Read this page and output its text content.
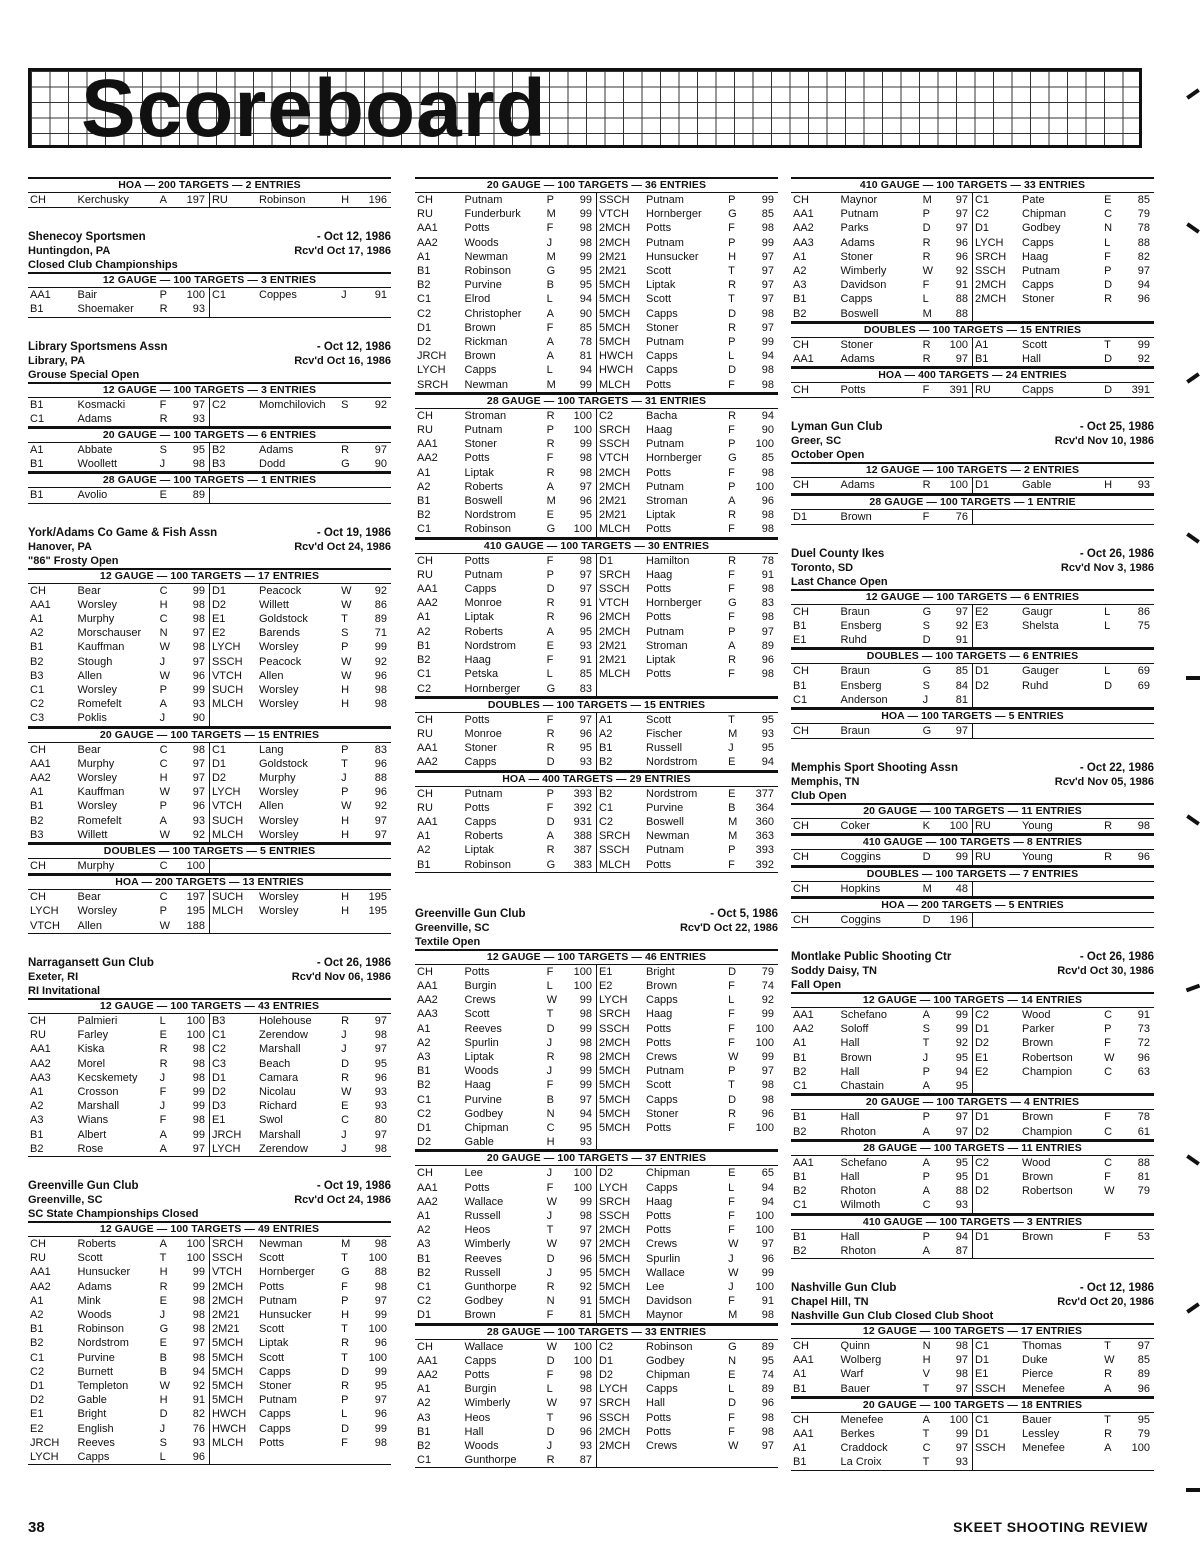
Scoreboard
HOA — 200 TARGETS — 2 ENTRIES
CH	Kerchusky	A	197	RU	Robinson	H	196
Shenecoy Sportsmen	- Oct 12, 1986
Huntingdon, PA	Rcv'd Oct 17, 1986
Closed Club Championships
12 GAUGE — 100 TARGETS — 3 ENTRIES
AA1	Bair	P	100	C1	Coppes	J	91
B1	Shoemaker	R	93				
Library Sportsmens Assn	- Oct 12, 1986
Library, PA	Rcv'd Oct 16, 1986
Grouse Special Open
12 GAUGE — 100 TARGETS — 3 ENTRIES
B1	Kosmacki	F	97	C2	Momchilovich	S	92
C1	Adams	R	93				
20 GAUGE — 100 TARGETS — 6 ENTRIES
A1	Abbate	S	95	B2	Adams	R	97
B1	Woollett	J	98	B3	Dodd	G	90
28 GAUGE — 100 TARGETS — 1 ENTRIES
B1	Avolio	E	89				
York/Adams Co Game & Fish Assn	- Oct 19, 1986
Hanover, PA	Rcv'd Oct 24, 1986
"86" Frosty Open
12 GAUGE — 100 TARGETS — 17 ENTRIES
CH	Bear	C	99	D1	Peacock	W	92
AA1	Worsley	H	98	D2	Willett	W	86
A1	Murphy	C	98	E1	Goldstock	T	89
A2	Morschauser	N	97	E2	Barends	S	71
B1	Kauffman	W	98	LYCH	Worsley	P	99
B2	Stough	J	97	SSCH	Peacock	W	92
B3	Allen	W	96	VTCH	Allen	W	96
C1	Worsley	P	99	SUCH	Worsley	H	98
C2	Romefelt	A	93	MLCH	Worsley	H	98
C3	Poklis	J	90				
20 GAUGE — 100 TARGETS — 15 ENTRIES
CH	Bear	C	98	C1	Lang	P	83
AA1	Murphy	C	97	D1	Goldstock	T	96
AA2	Worsley	H	97	D2	Murphy	J	88
A1	Kauffman	W	97	LYCH	Worsley	P	96
B1	Worsley	P	96	VTCH	Allen	W	92
B2	Romefelt	A	93	SUCH	Worsley	H	97
B3	Willett	W	92	MLCH	Worsley	H	97
DOUBLES — 100 TARGETS — 5 ENTRIES
CH	Murphy	C	100				
HOA — 200 TARGETS — 13 ENTRIES
CH	Bear	C	197	SUCH	Worsley	H	195
LYCH	Worsley	P	195	MLCH	Worsley	H	195
VTCH	Allen	W	188				
Narragansett Gun Club	- Oct 26, 1986
Exeter, RI	Rcv'd Nov 06, 1986
RI Invitational
12 GAUGE — 100 TARGETS — 43 ENTRIES
CH	Palmieri	L	100	B3	Holehouse	R	97
RU	Farley	E	100	C1	Zerendow	J	98
AA1	Kiska	R	98	C2	Marshall	J	97
AA2	Morel	R	98	C3	Beach	D	95
AA3	Kecskemety	J	98	D1	Camara	R	96
A1	Crosson	F	99	D2	Nicolau	W	93
A2	Marshall	J	99	D3	Richard	E	93
A3	Wians	F	98	E1	Swol	C	80
B1	Albert	A	99	JRCH	Marshall	J	97
B2	Rose	A	97	LYCH	Zerendow	J	98
Greenville Gun Club	- Oct 19, 1986
Greenville, SC	Rcv'd Oct 24, 1986
SC State Championships Closed
12 GAUGE — 100 TARGETS — 49 ENTRIES
CH	Roberts	A	100	SRCH	Newman	M	98
RU	Scott	T	100	SSCH	Scott	T	100
AA1	Hunsucker	H	99	VTCH	Hornberger	G	88
AA2	Adams	R	99	2MCH	Potts	F	98
A1	Mink	E	98	2MCH	Putnam	P	97
A2	Woods	J	98	2M21	Hunsucker	H	99
B1	Robinson	G	98	2M21	Scott	T	100
B2	Nordstrom	E	97	5MCH	Liptak	R	96
C1	Purvine	B	98	5MCH	Scott	T	100
C2	Burnett	B	94	5MCH	Capps	D	99
D1	Templeton	W	92	5MCH	Stoner	R	95
D2	Gable	H	91	5MCH	Putnam	P	97
E1	Bright	D	82	HWCH	Capps	L	96
E2	English	J	76	HWCH	Capps	D	99
JRCH	Reeves	S	93	MLCH	Potts	F	98
LYCH	Capps	L	96				
20 GAUGE — 100 TARGETS — 36 ENTRIES
CH	Putnam	P	99	SSCH	Putnam	P	99
RU	Funderburk	M	99	VTCH	Hornberger	G	85
AA1	Potts	F	98	2MCH	Potts	F	98
AA2	Woods	J	98	2MCH	Putnam	P	99
A1	Newman	M	99	2M21	Hunsucker	H	97
B1	Robinson	G	95	2M21	Scott	T	97
B2	Purvine	B	95	5MCH	Liptak	R	97
C1	Elrod	L	94	5MCH	Scott	T	97
C2	Christopher	A	90	5MCH	Capps	D	98
D1	Brown	F	85	5MCH	Stoner	R	97
D2	Rickman	A	78	5MCH	Putnam	P	99
JRCH	Brown	A	81	HWCH	Capps	L	94
LYCH	Capps	L	94	HWCH	Capps	D	98
SRCH	Newman	M	99	MLCH	Potts	F	98
28 GAUGE — 100 TARGETS — 31 ENTRIES
CH	Stroman	R	100	C2	Bacha	R	94
RU	Putnam	P	100	SRCH	Haag	F	90
AA1	Stoner	R	99	SSCH	Putnam	P	100
AA2	Potts	F	98	VTCH	Hornberger	G	85
A1	Liptak	R	98	2MCH	Potts	F	98
A2	Roberts	A	97	2MCH	Putnam	P	100
B1	Boswell	M	96	2M21	Stroman	A	96
B2	Nordstrom	E	95	2M21	Liptak	R	98
C1	Robinson	G	100	MLCH	Potts	F	98
410 GAUGE — 100 TARGETS — 30 ENTRIES
CH	Potts	F	98	D1	Hamilton	R	78
RU	Putnam	P	97	SRCH	Haag	F	91
AA1	Capps	D	97	SSCH	Potts	F	98
AA2	Monroe	R	91	VTCH	Hornberger	G	83
A1	Liptak	R	96	2MCH	Potts	F	98
A2	Roberts	A	95	2MCH	Putnam	P	97
B1	Nordstrom	E	93	2M21	Stroman	A	89
B2	Haag	F	91	2M21	Liptak	R	96
C1	Petska	L	85	MLCH	Potts	F	98
C2	Hornberger	G	83				
DOUBLES — 100 TARGETS — 15 ENTRIES
CH	Potts	F	97	A1	Scott	T	95
RU	Monroe	R	96	A2	Fischer	M	93
AA1	Stoner	R	95	B1	Russell	J	95
AA2	Capps	D	93	B2	Nordstrom	E	94
HOA — 400 TARGETS — 29 ENTRIES
CH	Putnam	P	393	B2	Nordstrom	E	377
RU	Potts	F	392	C1	Purvine	B	364
AA1	Capps	D	931	C2	Boswell	M	360
A1	Roberts	A	388	SRCH	Newman	M	363
A2	Liptak	R	387	SSCH	Putnam	P	393
B1	Robinson	G	383	MLCH	Potts	F	392
Greenville Gun Club	- Oct 5, 1986
Greenville, SC	Rcv'D Oct 22, 1986
Textile Open
12 GAUGE — 100 TARGETS — 46 ENTRIES
CH	Potts	F	100	E1	Bright	D	79
AA1	Burgin	L	100	E2	Brown	F	74
AA2	Crews	W	99	LYCH	Capps	L	92
AA3	Scott	T	98	SRCH	Haag	F	99
A1	Reeves	D	99	SSCH	Potts	F	100
A2	Spurlin	J	98	2MCH	Potts	F	100
A3	Liptak	R	98	2MCH	Crews	W	99
B1	Woods	J	99	5MCH	Putnam	P	97
B2	Haag	F	99	5MCH	Scott	T	98
C1	Purvine	B	97	5MCH	Capps	D	98
C2	Godbey	N	94	5MCH	Stoner	R	96
D1	Chipman	C	95	5MCH	Potts	F	100
D2	Gable	H	93				
20 GAUGE — 100 TARGETS — 37 ENTRIES
CH	Lee	J	100	D2	Chipman	E	65
AA1	Potts	F	100	LYCH	Capps	L	94
AA2	Wallace	W	99	SRCH	Haag	F	94
A1	Russell	J	98	SSCH	Potts	F	100
A2	Heos	T	97	2MCH	Potts	F	100
A3	Wimberly	W	97	2MCH	Crews	W	97
B1	Reeves	D	96	5MCH	Spurlin	J	96
B2	Russell	J	95	5MCH	Wallace	W	99
C1	Gunthorpe	R	92	5MCH	Lee	J	100
C2	Godbey	N	91	5MCH	Davidson	F	91
D1	Brown	F	81	5MCH	Maynor	M	98
28 GAUGE — 100 TARGETS — 33 ENTRIES
CH	Wallace	W	100	C2	Robinson	G	89
AA1	Capps	D	100	D1	Godbey	N	95
AA2	Potts	F	98	D2	Chipman	E	74
A1	Burgin	L	98	LYCH	Capps	L	89
A2	Wimberly	W	97	SRCH	Hall	D	96
A3	Heos	T	96	SSCH	Potts	F	98
B1	Hall	D	96	2MCH	Potts	F	98
B2	Woods	J	93	2MCH	Crews	W	97
C1	Gunthorpe	R	87				
410 GAUGE — 100 TARGETS — 33 ENTRIES
CH	Maynor	M	97	C1	Pate	E	85
AA1	Putnam	P	97	C2	Chipman	C	79
AA2	Parks	D	97	D1	Godbey	N	78
AA3	Adams	R	96	LYCH	Capps	L	88
A1	Stoner	R	96	SRCH	Haag	F	82
A2	Wimberly	W	92	SSCH	Putnam	P	97
A3	Davidson	F	91	2MCH	Capps	D	94
B1	Capps	L	88	2MCH	Stoner	R	96
B2	Boswell	M	88				
DOUBLES — 100 TARGETS — 15 ENTRIES
CH	Stoner	R	100	A1	Scott	T	99
AA1	Adams	R	97	B1	Hall	D	92
HOA — 400 TARGETS — 24 ENTRIES
CH	Potts	F	391	RU	Capps	D	391
Lyman Gun Club	- Oct 25, 1986
Greer, SC	Rcv'd Nov 10, 1986
October Open
12 GAUGE — 100 TARGETS — 2 ENTRIES
CH	Adams	R	100	D1	Gable	H	93
28 GAUGE — 100 TARGETS — 1 ENTRIE
D1	Brown	F	76				
Duel County Ikes	- Oct 26, 1986
Toronto, SD	Rcv'd Nov 3, 1986
Last Chance Open
12 GAUGE — 100 TARGETS — 6 ENTRIES
CH	Braun	G	97	E2	Gaugr	L	86
B1	Ensberg	S	92	E3	Shelsta	L	75
E1	Ruhd	D	91				
DOUBLES — 100 TARGETS — 6 ENTRIES
CH	Braun	G	85	D1	Gauger	L	69
B1	Ensberg	S	84	D2	Ruhd	D	69
C1	Anderson	J	81				
HOA — 100 TARGETS — 5 ENTRIES
CH	Braun	G	97				
Memphis Sport Shooting Assn	- Oct 22, 1986
Memphis, TN	Rcv'd Nov 05, 1986
Club Open
20 GAUGE — 100 TARGETS — 11 ENTRIES
CH	Coker	K	100	RU	Young	R	98
410 GAUGE — 100 TARGETS — 8 ENTRIES
CH	Coggins	D	99	RU	Young	R	96
DOUBLES — 100 TARGETS — 7 ENTRIES
CH	Hopkins	M	48				
HOA — 200 TARGETS — 5 ENTRIES
CH	Coggins	D	196				
Montlake Public Shooting Ctr	- Oct 26, 1986
Soddy Daisy, TN	Rcv'd Oct 30, 1986
Fall Open
12 GAUGE — 100 TARGETS — 14 ENTRIES
AA1	Schefano	A	99	C2	Wood	C	91
AA2	Soloff	S	99	D1	Parker	P	73
A1	Hall	T	92	D2	Brown	F	72
B1	Brown	J	95	E1	Robertson	W	96
B2	Hall	P	94	E2	Champion	C	63
C1	Chastain	A	95				
20 GAUGE — 100 TARGETS — 4 ENTRIES
B1	Hall	P	97	D1	Brown	F	78
B2	Rhoton	A	97	D2	Champion	C	61
28 GAUGE — 100 TARGETS — 11 ENTRIES
AA1	Schefano	A	95	C2	Wood	C	88
B1	Hall	P	95	D1	Brown	F	81
B2	Rhoton	A	88	D2	Robertson	W	79
C1	Wilmoth	C	93				
410 GAUGE — 100 TARGETS — 3 ENTRIES
B1	Hall	P	94	D1	Brown	F	53
B2	Rhoton	A	87				
Nashville Gun Club	- Oct 12, 1986
Chapel Hill, TN	Rcv'd Oct 20, 1986
Nashville Gun Club Closed Club Shoot
12 GAUGE — 100 TARGETS — 17 ENTRIES
CH	Quinn	N	98	C1	Thomas	T	97
AA1	Wolberg	H	97	D1	Duke	W	85
A1	Warf	V	98	E1	Pierce	R	89
B1	Bauer	T	97	SSCH	Menefee	A	96
20 GAUGE — 100 TARGETS — 18 ENTRIES
CH	Menefee	A	100	C1	Bauer	T	95
AA1	Berkes	T	99	D1	Lessley	R	79
A1	Craddock	C	97	SSCH	Menefee	A	100
B1	La Croix	T	93				
38	SKEET SHOOTING REVIEW
